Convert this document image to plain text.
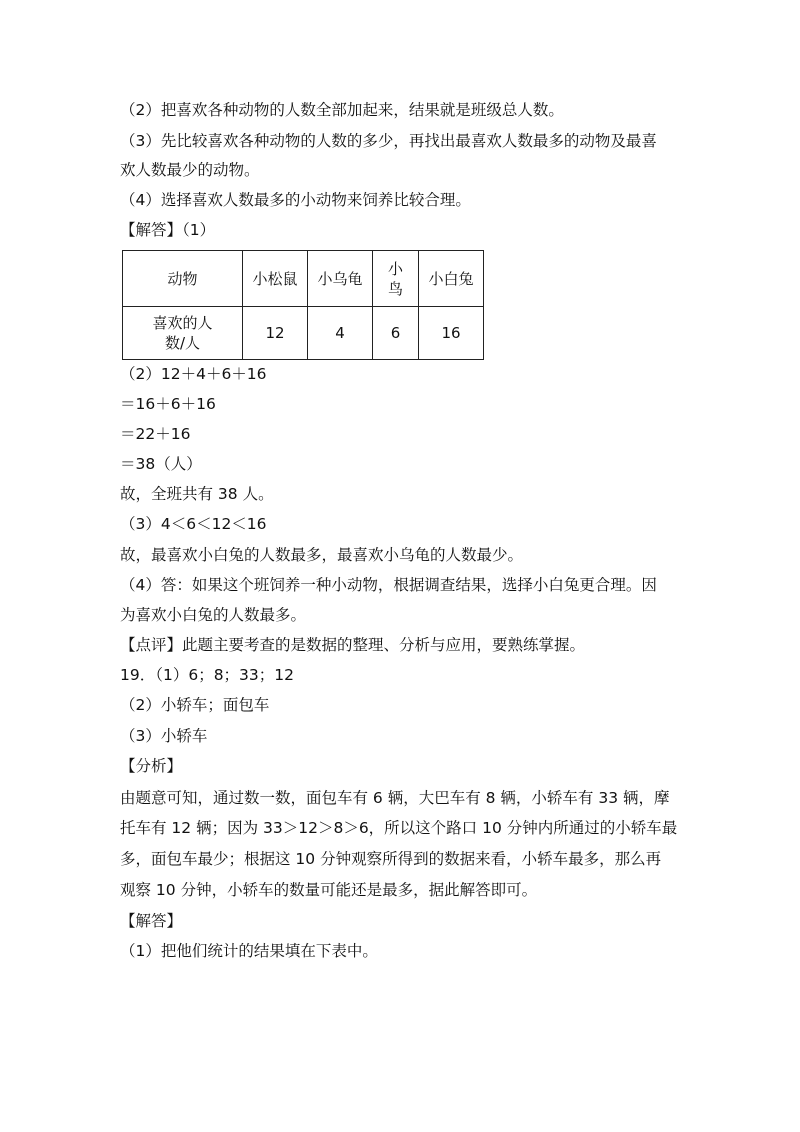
（2）把喜欢各种动物的人数全部加起来，结果就是班级总人数。
（3）先比较喜欢各种动物的人数的多少，再找出最喜欢人数最多的动物及最喜
欢人数最少的动物。
（4）选择喜欢人数最多的小动物来饲养比较合理。
【解答】（1）
动物	小松鼠	小乌龟	小鸟	小白兔
喜欢的人数/人	12	4	6	16
（2）12＋4＋6＋16
＝16＋6＋16
＝22＋16
＝38（人）
故，全班共有 38 人。
（3）4＜6＜12＜16
故，最喜欢小白兔的人数最多，最喜欢小乌龟的人数最少。
（4）答：如果这个班饲养一种小动物，根据调查结果，选择小白兔更合理。因
为喜欢小白兔的人数最多。
【点评】此题主要考查的是数据的整理、分析与应用，要熟练掌握。
19．（1）6；8；33；12
（2）小轿车；面包车
（3）小轿车
【分析】
由题意可知，通过数一数，面包车有 6 辆，大巴车有 8 辆，小轿车有 33 辆，摩
托车有 12 辆；因为 33＞12＞8＞6，所以这个路口 10 分钟内所通过的小轿车最
多，面包车最少；根据这 10 分钟观察所得到的数据来看，小轿车最多，那么再
观察 10 分钟，小轿车的数量可能还是最多，据此解答即可。
【解答】
（1）把他们统计的结果填在下表中。
